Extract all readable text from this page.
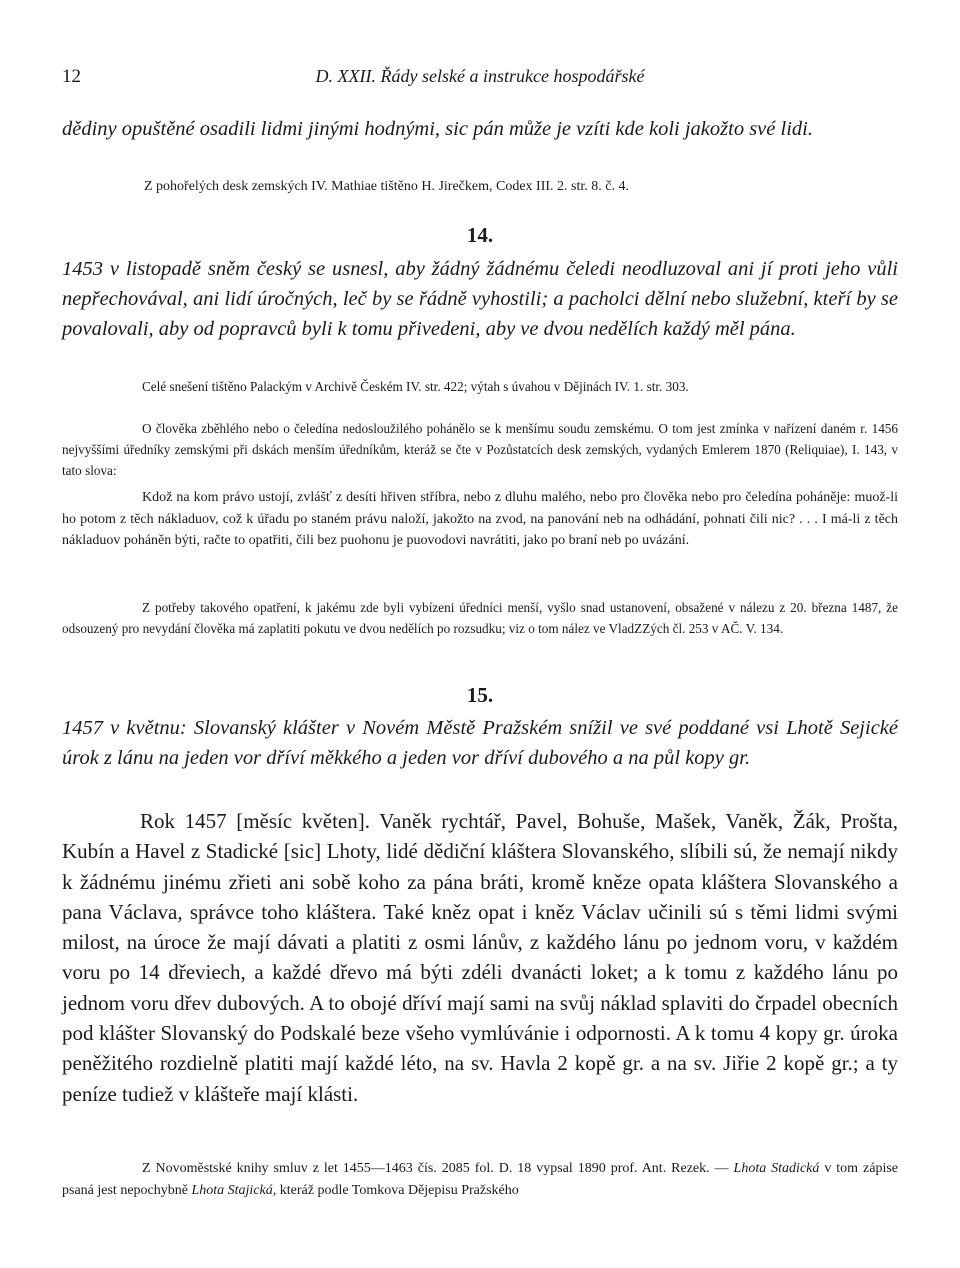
12	D. XXII. Řády selské a instrukce hospodářské
dědiny opuštěné osadili lidmi jinými hodnými, sic pán může je vzíti kde koli jakožto své lidi.
Z pohořelých desk zemských IV. Mathiae tištěno H. Jirečkem, Codex III. 2. str. 8. č. 4.
14.
1453 v listopadě sněm český se usnesl, aby žádný žádnému čeledi neodluzoval ani jí proti jeho vůli nepřechovával, ani lidí úročných, leč by se řádně vyhostili; a pacholci dělní nebo služební, kteří by se povalovali, aby od popravců byli k tomu přivedeni, aby ve dvou nedělích každý měl pána.
Celé snešení tištěno Palackým v Archivě Českém IV. str. 422; výtah s úvahou v Dějinách IV. 1. str. 303.
O člověka zběhlého nebo o čeledína nedosloužilého pohánělo se k menšímu soudu zemskému. O tom jest zmínka v nařízení daném r. 1456 nejvyššími úředníky zemskými při dskách menším úředníkům, kteráž se čte v Pozůstatcích desk zemských, vydaných Emlerem 1870 (Reliquiae), I. 143, v tato slova:
Kdož na kom právo ustojí, zvlášť z desíti hřiven stříbra, nebo z dluhu malého, nebo pro člověka nebo pro čeledína poháněje: muož-li ho potom z těch nákladuov, což k úřadu po staném právu naloží, jakožto na zvod, na panování neb na odhádání, pohnati čili nic? . . . I má-li z těch nákladuov poháněn býti, račte to opatřiti, čili bez puohonu je puovodovi navrátiti, jako po braní neb po uvázání.
Z potřeby takového opatření, k jakému zde byli vybízeni úředníci menší, vyšlo snad ustanovení, obsažené v nálezu z 20. března 1487, že odsouzený pro nevydání člověka má zaplatiti pokutu ve dvou nedělích po rozsudku; viz o tom nález ve VladZZých čl. 253 v AČ. V. 134.
15.
1457 v květnu: Slovanský klášter v Novém Městě Pražském snížil ve své poddané vsi Lhotě Sejické úrok z lánu na jeden vor dříví měkkého a jeden vor dříví dubového a na půl kopy gr.
Rok 1457 [měsíc květen]. Vaněk rychtář, Pavel, Bohuše, Mašek, Vaněk, Žák, Prošta, Kubín a Havel z Stadické [sic] Lhoty, lidé dědiční kláštera Slovanského, slíbili sú, že nemají nikdy k žádnému jinému zřieti ani sobě koho za pána bráti, kromě kněze opata kláštera Slovanského a pana Václava, správce toho kláštera. Také kněz opat i kněz Václav učinili sú s těmi lidmi svými milost, na úroce že mají dávati a platiti z osmi lánův, z každého lánu po jednom voru, v každém voru po 14 dřeviech, a každé dřevo má býti zdéli dvanácti loket; a k tomu z každého lánu po jednom voru dřev dubových. A to obojé dříví mají sami na svůj náklad splaviti do črpadel obecních pod klášter Slovanský do Podskalé beze všeho vymlúvánie i odpornosti. A k tomu 4 kopy gr. úroka peněžitého rozdielně platiti mají každé léto, na sv. Havla 2 kopě gr. a na sv. Jiřie 2 kopě gr.; a ty peníze tudiež v klášteře mají klásti.
Z Novoměstské knihy smluv z let 1455—1463 čís. 2085 fol. D. 18 vypsal 1890 prof. Ant. Rezek. — Lhota Stadická v tom zápise psaná jest nepochybně Lhota Stajická, kteráž podle Tomkova Dějepisu Pražského
